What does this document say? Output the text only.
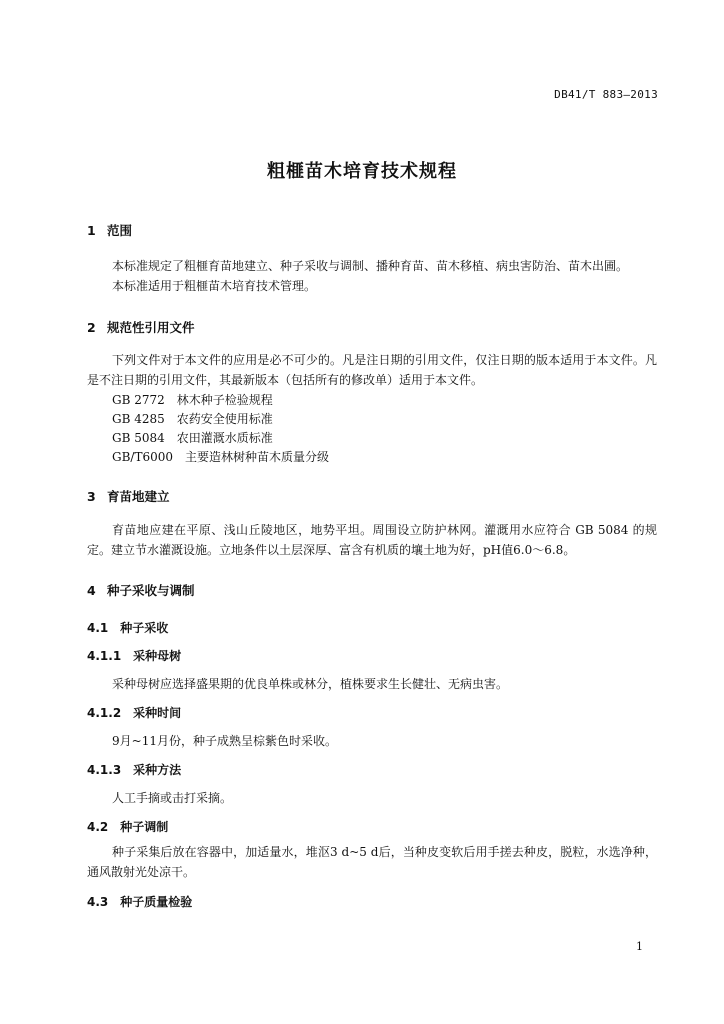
DB41/T 883—2013
粗榧苗木培育技术规程
1 范围
本标准规定了粗榧育苗地建立、种子采收与调制、播种育苗、苗木移植、病虫害防治、苗木出圃。
本标准适用于粗榧苗木培育技术管理。
2 规范性引用文件
下列文件对于本文件的应用是必不可少的。凡是注日期的引用文件，仅注日期的版本适用于本文件。凡是不注日期的引用文件，其最新版本（包括所有的修改单）适用于本文件。
GB 2772 林木种子检验规程
GB 4285 农药安全使用标准
GB 5084 农田灌溉水质标准
GB/T6000 主要造林树种苗木质量分级
3 育苗地建立
育苗地应建在平原、浅山丘陵地区，地势平坦。周围设立防护林网。灌溉用水应符合 GB 5084 的规定。建立节水灌溉设施。立地条件以土层深厚、富含有机质的壤土地为好，pH值6.0～6.8。
4 种子采收与调制
4.1 种子采收
4.1.1 采种母树
采种母树应选择盛果期的优良单株或林分，植株要求生长健壮、无病虫害。
4.1.2 采种时间
9月~11月份，种子成熟呈棕紫色时采收。
4.1.3 采种方法
人工手摘或击打采摘。
4.2 种子调制
种子采集后放在容器中，加适量水，堆沤3 d~5 d后，当种皮变软后用手搓去种皮，脱粒，水选净种，通风散射光处凉干。
4.3 种子质量检验
1
